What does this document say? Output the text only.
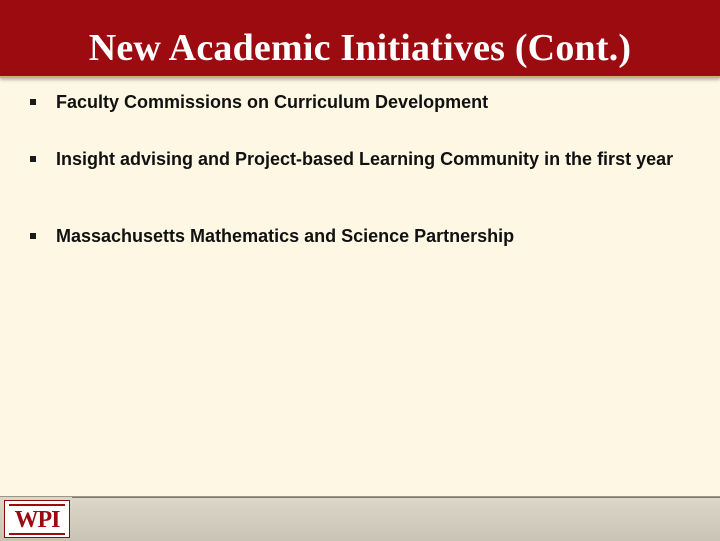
New Academic Initiatives (Cont.)
Faculty Commissions on Curriculum Development
Insight advising and Project-based Learning Community in the first year
Massachusetts Mathematics and Science Partnership
WPI
